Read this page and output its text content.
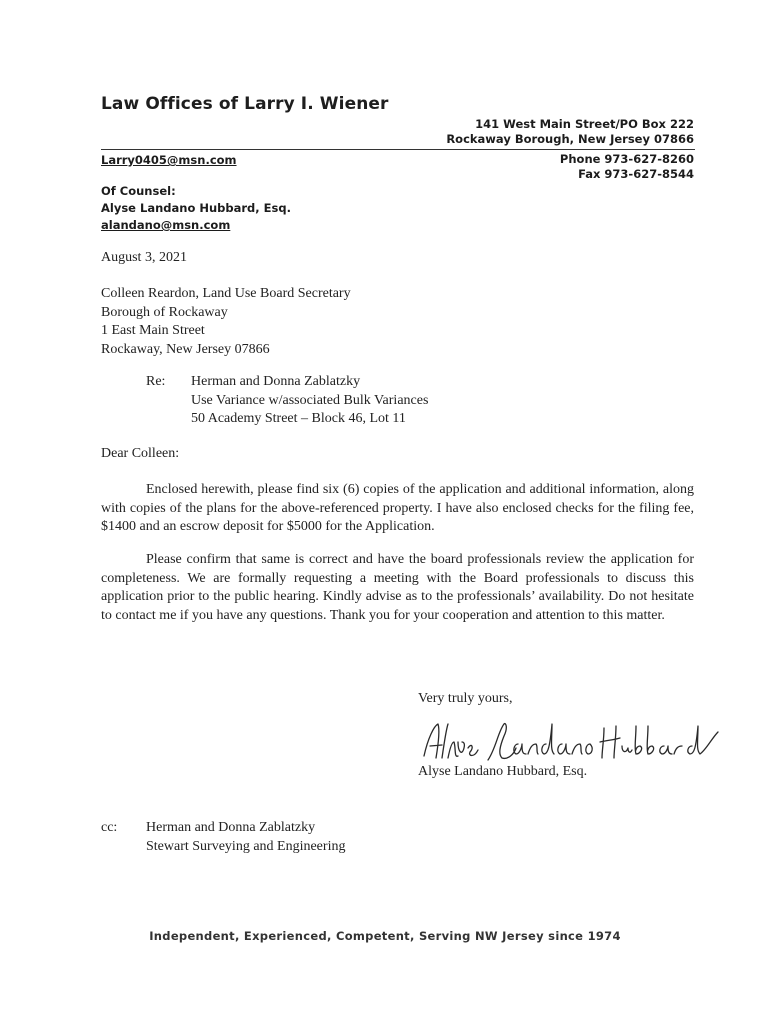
Law Offices of Larry I. Wiener
141 West Main Street/PO Box 222
Rockaway Borough, New Jersey 07866
Larry0405@msn.com	Phone 973-627-8260
Fax 973-627-8544
Of Counsel:
Alyse Landano Hubbard, Esq.
alandano@msn.com
August 3, 2021
Colleen Reardon, Land Use Board Secretary
Borough of Rockaway
1 East Main Street
Rockaway, New Jersey 07866
Re: Herman and Donna Zablatzky
Use Variance w/associated Bulk Variances
50 Academy Street – Block 46, Lot 11
Dear Colleen:
Enclosed herewith, please find six (6) copies of the application and additional information, along with copies of the plans for the above-referenced property. I have also enclosed checks for the filing fee, $1400 and an escrow deposit for $5000 for the Application.
Please confirm that same is correct and have the board professionals review the application for completeness. We are formally requesting a meeting with the Board professionals to discuss this application prior to the public hearing. Kindly advise as to the professionals’ availability. Do not hesitate to contact me if you have any questions. Thank you for your cooperation and attention to this matter.
Very truly yours,
Alyse Landano Hubbard, Esq.
cc: Herman and Donna Zablatzky
Stewart Surveying and Engineering
Independent, Experienced, Competent, Serving NW Jersey since 1974
